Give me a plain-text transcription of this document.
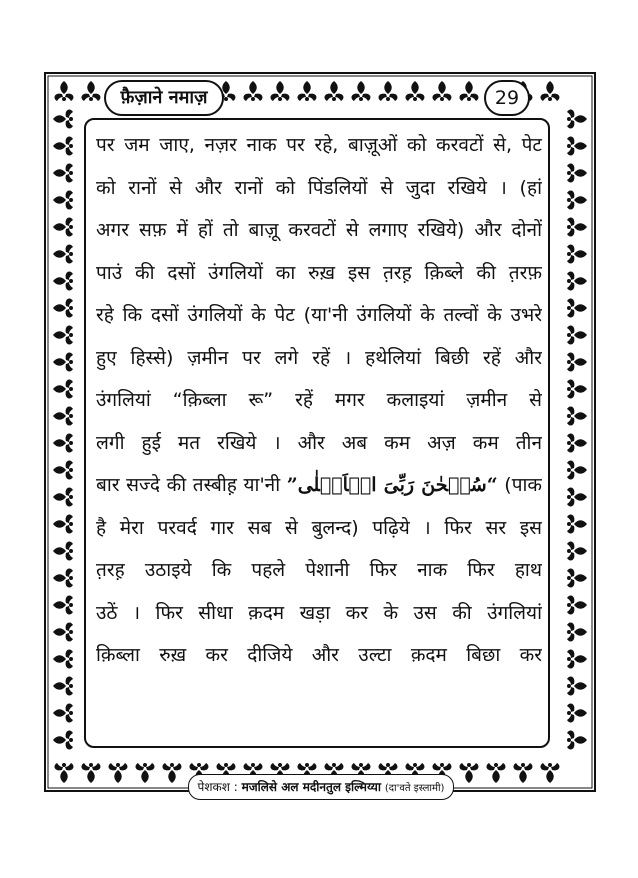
फ़ैज़ाने नमाज़	29
पर जम जाए, नज़र नाक पर रहे, बाज़ूओं को करवटों से, पेट
को रानों से और रानों को पिंडलियों से जुदा रखिये । (हां
अगर सफ़ में हों तो बाज़ू करवटों से लगाए रखिये) और दोनों
पाउं की दसों उंगलियों का रुख़ इस त़रह़ क़िब्ले की त़रफ़
रहे कि दसों उंगलियों के पेट (या'नी उंगलियों के तल्वों के उभरे
हुए हिस्से) ज़मीन पर लगे रहें । हथेलियां बिछी रहें और
उंगलियां “क़िब्ला रू” रहें मगर कलाइयां ज़मीन से
लगी हुई मत रखिये । और अब कम अज़ कम तीन
बार सज्दे की तस्बीह़ या'नी “سُبۡحٰنَ رَبِّیَ الۡاَعۡلٰی” (पाक
है मेरा परवर्द गार सब से बुलन्द) पढ़िये । फिर सर इस
त़रह़ उठाइये कि पहले पेशानी फिर नाक फिर हाथ
उठें । फिर सीधा क़दम खड़ा कर के उस की उंगलियां
क़िब्ला रुख़ कर दीजिये और उल्टा क़दम बिछा कर
पेशकश : मजलिसे अल मदीनतुल इल्मिय्या (दा'वते इस्लामी)
